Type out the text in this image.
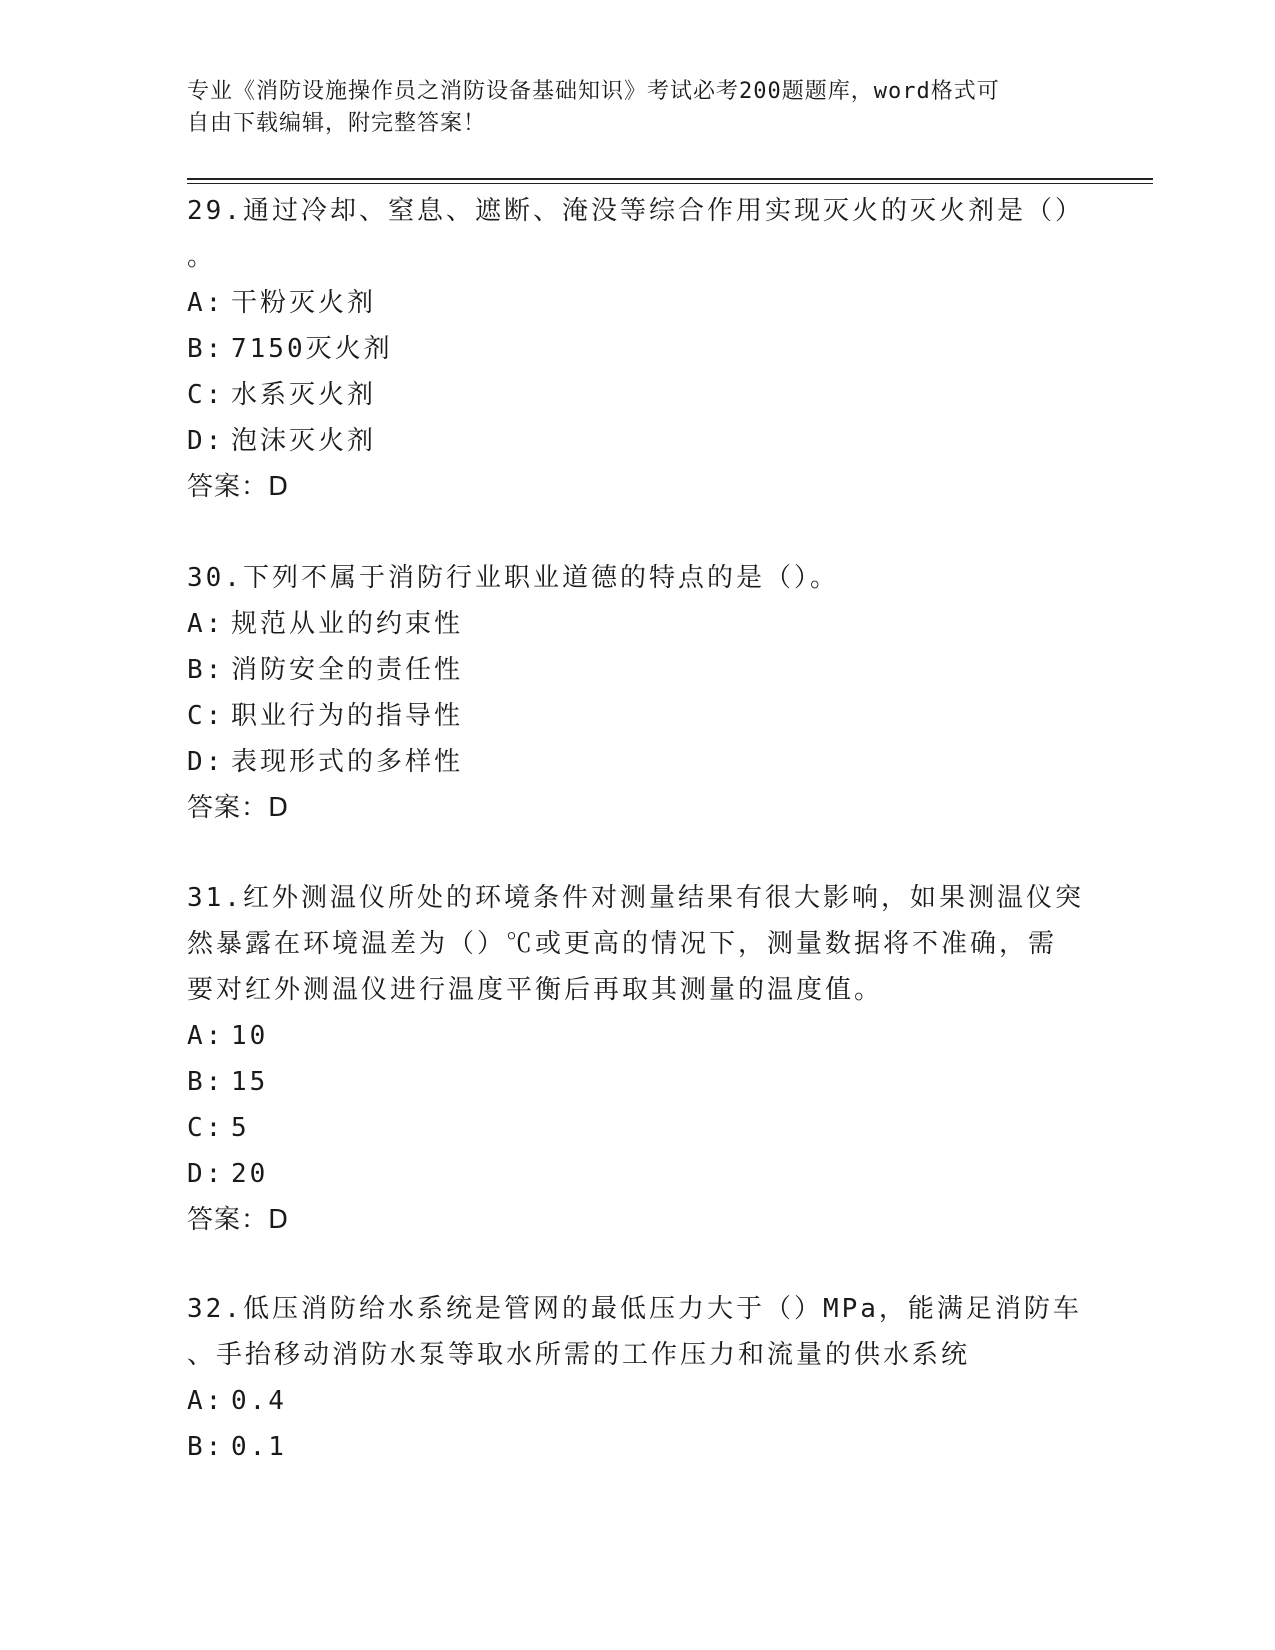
专业《消防设施操作员之消防设备基础知识》考试必考200题题库，word格式可
自由下载编辑，附完整答案！
29.通过冷却、窒息、遮断、淹没等综合作用实现灭火的灭火剂是（）
。
A: 干粉灭火剂
B: 7150灭火剂
C: 水系灭火剂
D: 泡沫灭火剂
答案：D
30.下列不属于消防行业职业道德的特点的是（）。
A: 规范从业的约束性
B: 消防安全的责任性
C: 职业行为的指导性
D: 表现形式的多样性
答案：D
31.红外测温仪所处的环境条件对测量结果有很大影响，如果测温仪突
然暴露在环境温差为（）℃或更高的情况下，测量数据将不准确，需
要对红外测温仪进行温度平衡后再取其测量的温度值。
A: 10
B: 15
C: 5
D: 20
答案：D
32.低压消防给水系统是管网的最低压力大于（）MPa，能满足消防车
、手抬移动消防水泵等取水所需的工作压力和流量的供水系统
A: 0.4
B: 0.1
